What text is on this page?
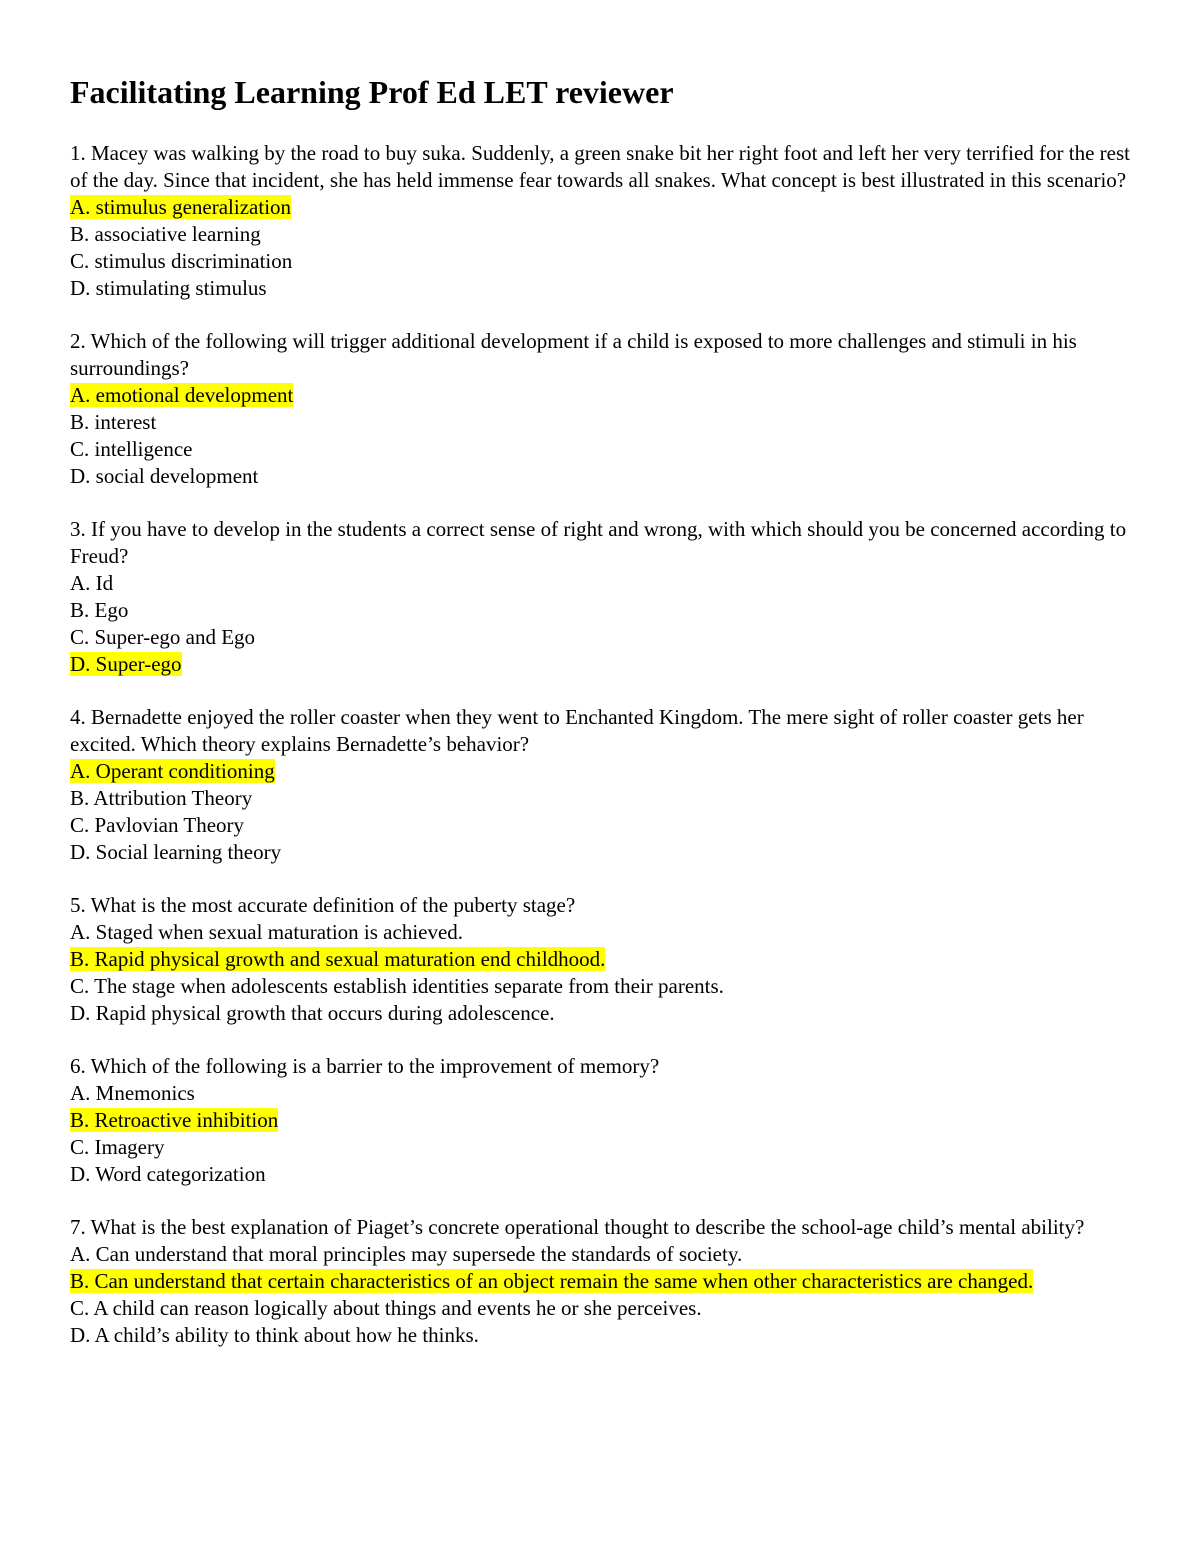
Facilitating Learning Prof Ed LET reviewer

1. Macey was walking by the road to buy suka. Suddenly, a green snake bit her right foot and left her very terrified for the rest of the day. Since that incident, she has held immense fear towards all snakes. What concept is best illustrated in this scenario?

A. stimulus generalization
B. associative learning
C. stimulus discrimination
D. stimulating stimulus

2. Which of the following will trigger additional development if a child is exposed to more challenges and stimuli in his surroundings?

A. emotional development
B. interest
C. intelligence
D. social development

3. If you have to develop in the students a correct sense of right and wrong, with which should you be concerned according to Freud?

A. Id
B. Ego
C. Super-ego and Ego
D. Super-ego

4. Bernadette enjoyed the roller coaster when they went to Enchanted Kingdom. The mere sight of roller coaster gets her excited. Which theory explains Bernadette’s behavior?

A. Operant conditioning
B. Attribution Theory
C. Pavlovian Theory
D. Social learning theory

5. What is the most accurate definition of the puberty stage?

A. Staged when sexual maturation is achieved.
B. Rapid physical growth and sexual maturation end childhood.
C. The stage when adolescents establish identities separate from their parents.
D. Rapid physical growth that occurs during adolescence.

6. Which of the following is a barrier to the improvement of memory?

A. Mnemonics
B. Retroactive inhibition
C. Imagery
D. Word categorization

7. What is the best explanation of Piaget’s concrete operational thought to describe the school-age child’s mental ability?

A. Can understand that moral principles may supersede the standards of society.
B. Can understand that certain characteristics of an object remain the same when other characteristics are changed.
C. A child can reason logically about things and events he or she perceives.
D. A child’s ability to think about how he thinks.
